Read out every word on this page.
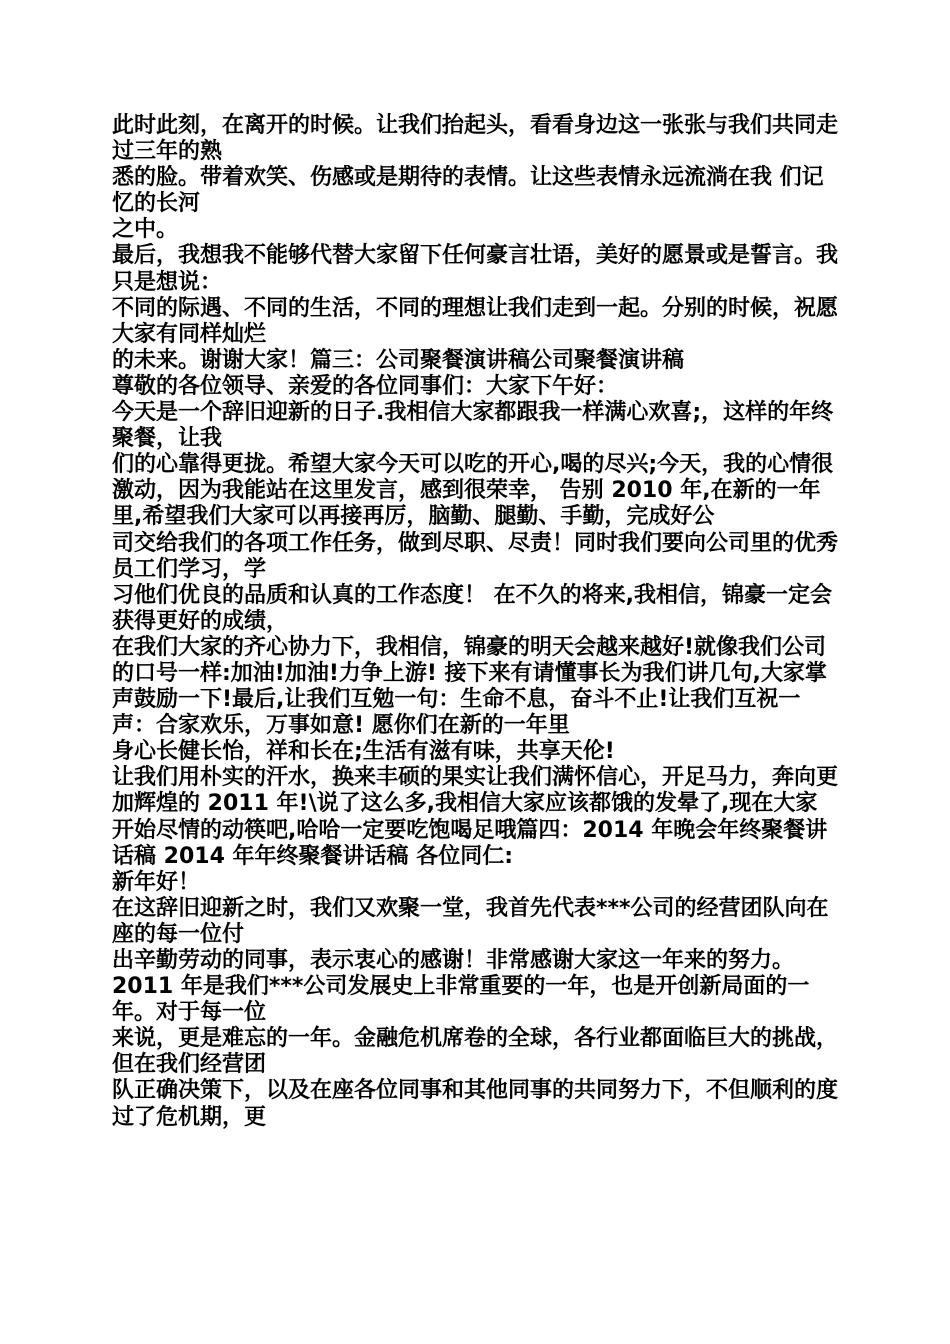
此时此刻，在离开的时候。让我们抬起头，看看身边这一张张与我们共同走过三年的熟

悉的脸。带着欢笑、伤感或是期待的表情。让这些表情永远流淌在我 们记忆的长河

之中。

最后，我想我不能够代替大家留下任何豪言壮语，美好的愿景或是誓言。我只是想说：

不同的际遇、不同的生活，不同的理想让我们走到一起。分别的时候，祝愿大家有同样灿烂

的未来。谢谢大家！篇三：公司聚餐演讲稿公司聚餐演讲稿

尊敬的各位领导、亲爱的各位同事们：大家下午好：

今天是一个辞旧迎新的日子.我相信大家都跟我一样满心欢喜;，这样的年终聚餐，让我

们的心靠得更拢。希望大家今天可以吃的开心,喝的尽兴;今天，我的心情很激动，因为我能站在这里发言，感到很荣幸， 告别 2010 年,在新的一年里,希望我们大家可以再接再厉，脑勤、腿勤、手勤，完成好公

司交给我们的各项工作任务，做到尽职、尽责！同时我们要向公司里的优秀员工们学习，学

习他们优良的品质和认真的工作态度！ 在不久的将来,我相信，锦豪一定会获得更好的成绩，

在我们大家的齐心协力下，我相信，锦豪的明天会越来越好!就像我们公司的口号一样:加油!加油!力争上游! 接下来有请懂事长为我们讲几句,大家掌声鼓励一下!最后,让我们互勉一句：生命不息，奋斗不止!让我们互祝一声：合家欢乐，万事如意! 愿你们在新的一年里

身心长健长怡，祥和长在;生活有滋有味，共享天伦!

让我们用朴实的汗水，换来丰硕的果实让我们满怀信心，开足马力，奔向更加辉煌的 2011 年!\说了这么多,我相信大家应该都饿的发晕了,现在大家开始尽情的动筷吧,哈哈一定要吃饱喝足哦篇四：2014 年晚会年终聚餐讲话稿 2014 年年终聚餐讲话稿 各位同仁:

新年好！

在这辞旧迎新之时，我们又欢聚一堂，我首先代表***公司的经营团队向在座的每一位付

出辛勤劳动的同事，表示衷心的感谢！非常感谢大家这一年来的努力。2011 年是我们***公司发展史上非常重要的一年，也是开创新局面的一年。对于每一位

来说，更是难忘的一年。金融危机席卷的全球，各行业都面临巨大的挑战，但在我们经营团

队正确决策下，以及在座各位同事和其他同事的共同努力下，不但顺利的度过了危机期，更
